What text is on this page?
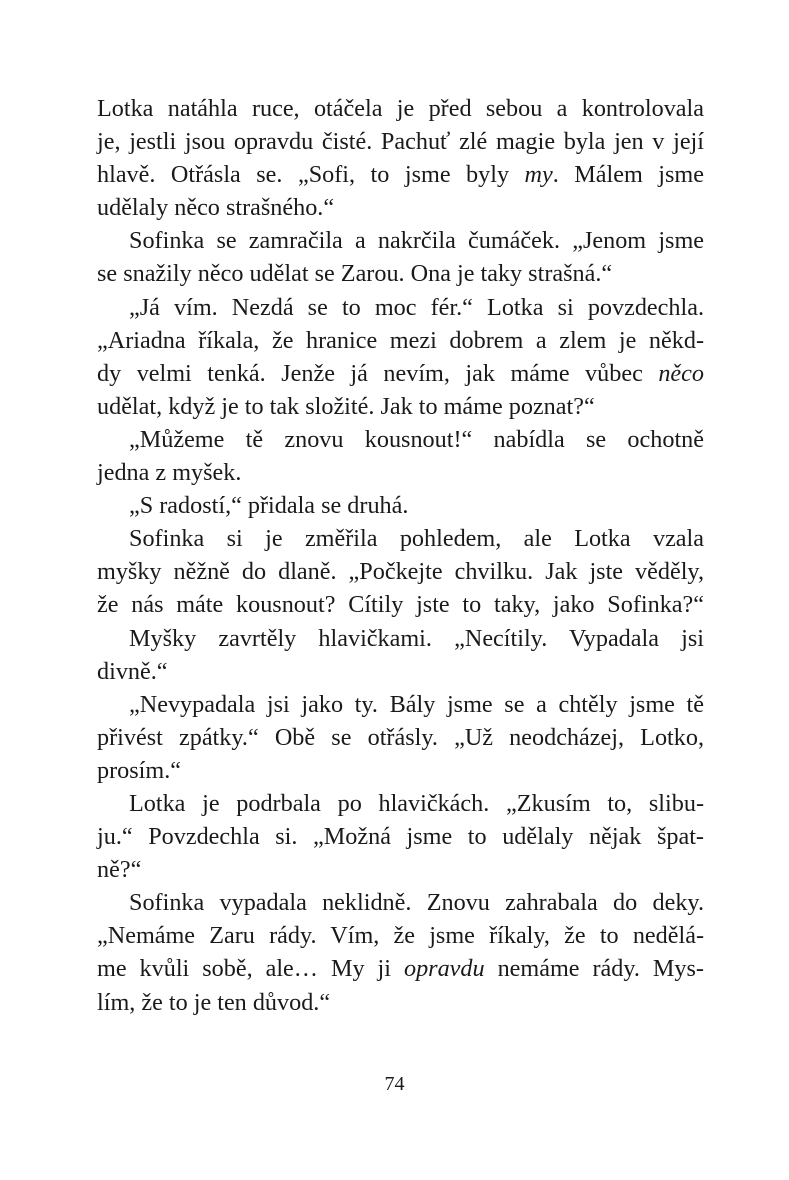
Lotka natáhla ruce, otáčela je před sebou a kontrolovala
je, jestli jsou opravdu čisté. Pachuť zlé magie byla jen v její
hlavě. Otřásla se. „Sofi, to jsme byly my. Málem jsme
udělaly něco strašného.“
Sofinka se zamračila a nakrčila čumáček. „Jenom jsme
se snažily něco udělat se Zarou. Ona je taky strašná.“
„Já vím. Nezdá se to moc fér.“ Lotka si povzdechla.
„Ariadna říkala, že hranice mezi dobrem a zlem je někd-
dy velmi tenká. Jenže já nevím, jak máme vůbec něco
udělat, když je to tak složité. Jak to máme poznat?“
„Můžeme tě znovu kousnout!“ nabídla se ochotně
jedna z myšek.
„S radostí,“ přidala se druhá.
Sofinka si je změřila pohledem, ale Lotka vzala
myšky něžně do dlaně. „Počkejte chvilku. Jak jste věděly,
že nás máte kousnout? Cítily jste to taky, jako Sofinka?“
Myšky zavrtěly hlavičkami. „Necítily. Vypadala jsi
divně.“
„Nevypadala jsi jako ty. Bály jsme se a chtěly jsme tě
přivést zpátky.“ Obě se otřásly. „Už neodcházej, Lotko,
prosím.“
Lotka je podrbala po hlavičkách. „Zkusím to, slibu-
ju.“ Povzdechla si. „Možná jsme to udělaly nějak špat-
ně?“
Sofinka vypadala neklidně. Znovu zahrabala do deky.
„Nemáme Zaru rády. Vím, že jsme říkaly, že to nedělá-
me kvůli sobě, ale… My ji opravdu nemáme rády. Mys-
lím, že to je ten důvod.“
74
